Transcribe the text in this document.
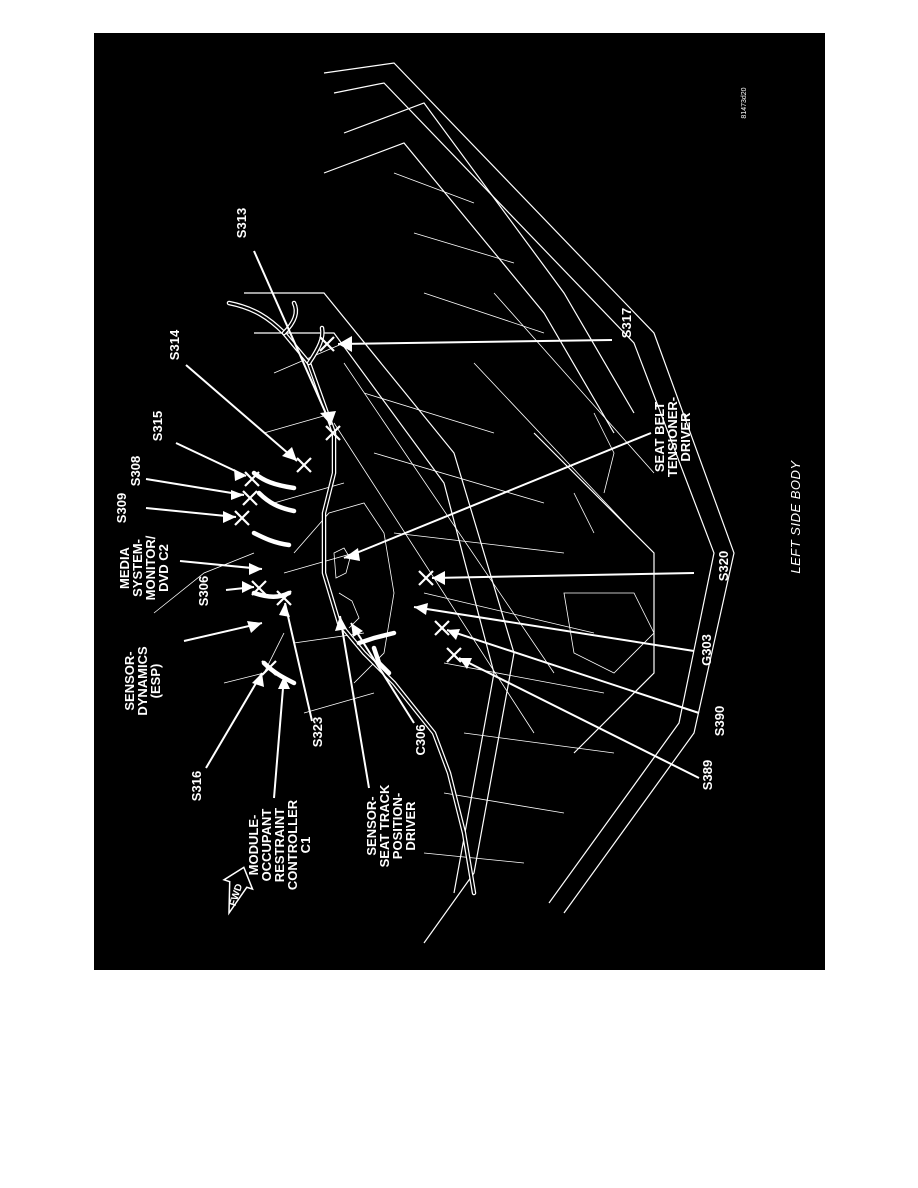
81473d20
LEFT SIDE BODY
FWD
S313
S317
S314
S315
S308
S309
MEDIA
SYSTEM-
MONITOR/
DVD C2 S306
SENSOR-
DYNAMICS
(ESP)
S316
MODULE-
OCCUPANT
RESTRAINT
CONTROLLER
C1
S323
SENSOR-
SEAT TRACK
POSITION-
DRIVER
C306
SEAT BELT
TENSIONER-
DRIVER
S320
G303
S390
S389
